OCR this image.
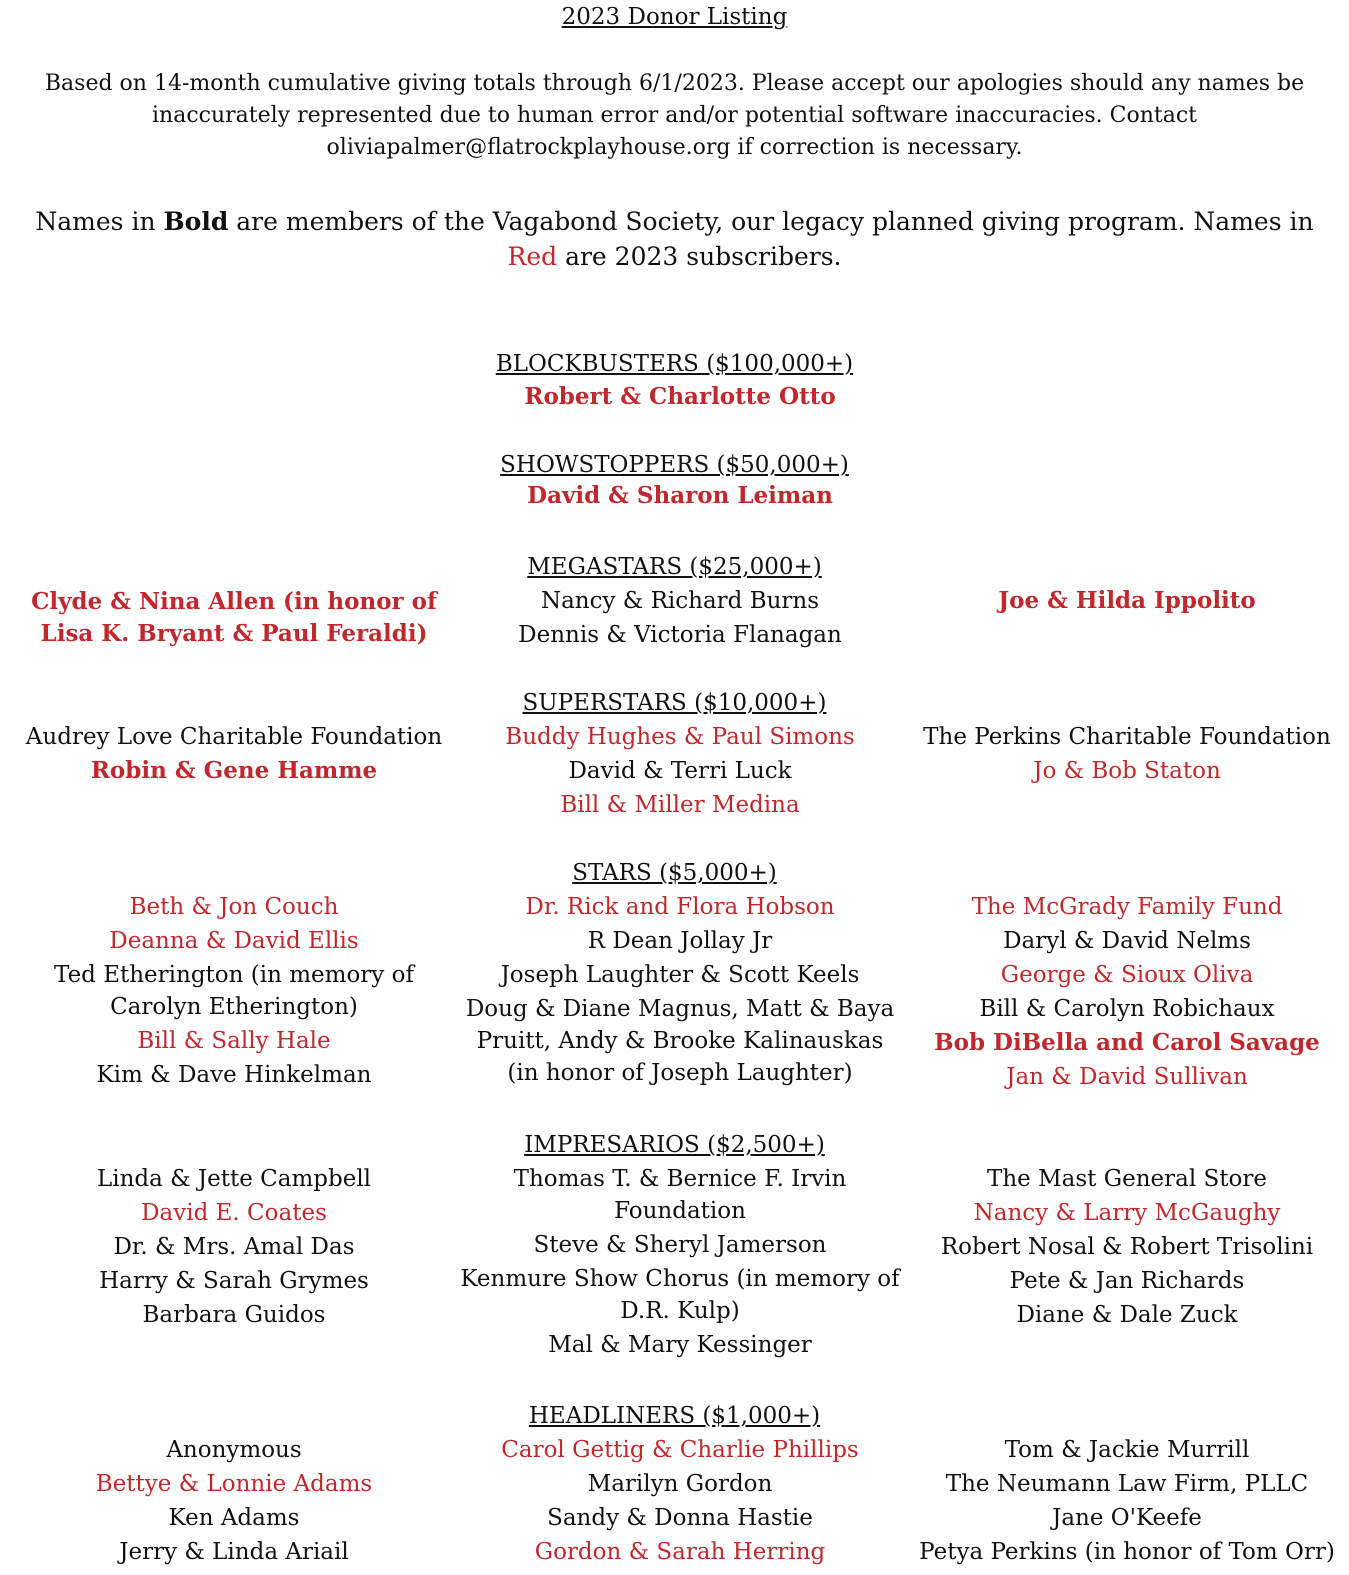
2023 Donor Listing
Based on 14-month cumulative giving totals through 6/1/2023. Please accept our apologies should any names be inaccurately represented due to human error and/or potential software inaccuracies. Contact oliviapalmer@flatrockplayhouse.org if correction is necessary.
Names in Bold are members of the Vagabond Society, our legacy planned giving program. Names in Red are 2023 subscribers.
BLOCKBUSTERS ($100,000+)
Robert & Charlotte Otto
SHOWSTOPPERS ($50,000+)
David & Sharon Leiman
MEGASTARS ($25,000+)
Clyde & Nina Allen (in honor of Lisa K. Bryant & Paul Feraldi)
Nancy & Richard Burns
Dennis & Victoria Flanagan
Joe & Hilda Ippolito
SUPERSTARS ($10,000+)
Audrey Love Charitable Foundation
Robin & Gene Hamme
Buddy Hughes & Paul Simons
David & Terri Luck
Bill & Miller Medina
The Perkins Charitable Foundation
Jo & Bob Staton
STARS ($5,000+)
Beth & Jon Couch
Deanna & David Ellis
Ted Etherington (in memory of Carolyn Etherington)
Bill & Sally Hale
Kim & Dave Hinkelman
Dr. Rick and Flora Hobson
R Dean Jollay Jr
Joseph Laughter & Scott Keels
Doug & Diane Magnus, Matt & Baya Pruitt, Andy & Brooke Kalinauskas (in honor of Joseph Laughter)
The McGrady Family Fund
Daryl & David Nelms
George & Sioux Oliva
Bill & Carolyn Robichaux
Bob DiBella and Carol Savage
Jan & David Sullivan
IMPRESARIOS ($2,500+)
Linda & Jette Campbell
David E. Coates
Dr. & Mrs. Amal Das
Harry & Sarah Grymes
Barbara Guidos
Thomas T. & Bernice F. Irvin Foundation
Steve & Sheryl Jamerson
Kenmure Show Chorus (in memory of D.R. Kulp)
Mal & Mary Kessinger
The Mast General Store
Nancy & Larry McGaughy
Robert Nosal & Robert Trisolini
Pete & Jan Richards
Diane & Dale Zuck
HEADLINERS ($1,000+)
Anonymous
Bettye & Lonnie Adams
Ken Adams
Jerry & Linda Ariail
Carol Gettig & Charlie Phillips
Marilyn Gordon
Sandy & Donna Hastie
Gordon & Sarah Herring
Tom & Jackie Murrill
The Neumann Law Firm, PLLC
Jane O'Keefe
Petya Perkins (in honor of Tom Orr)
